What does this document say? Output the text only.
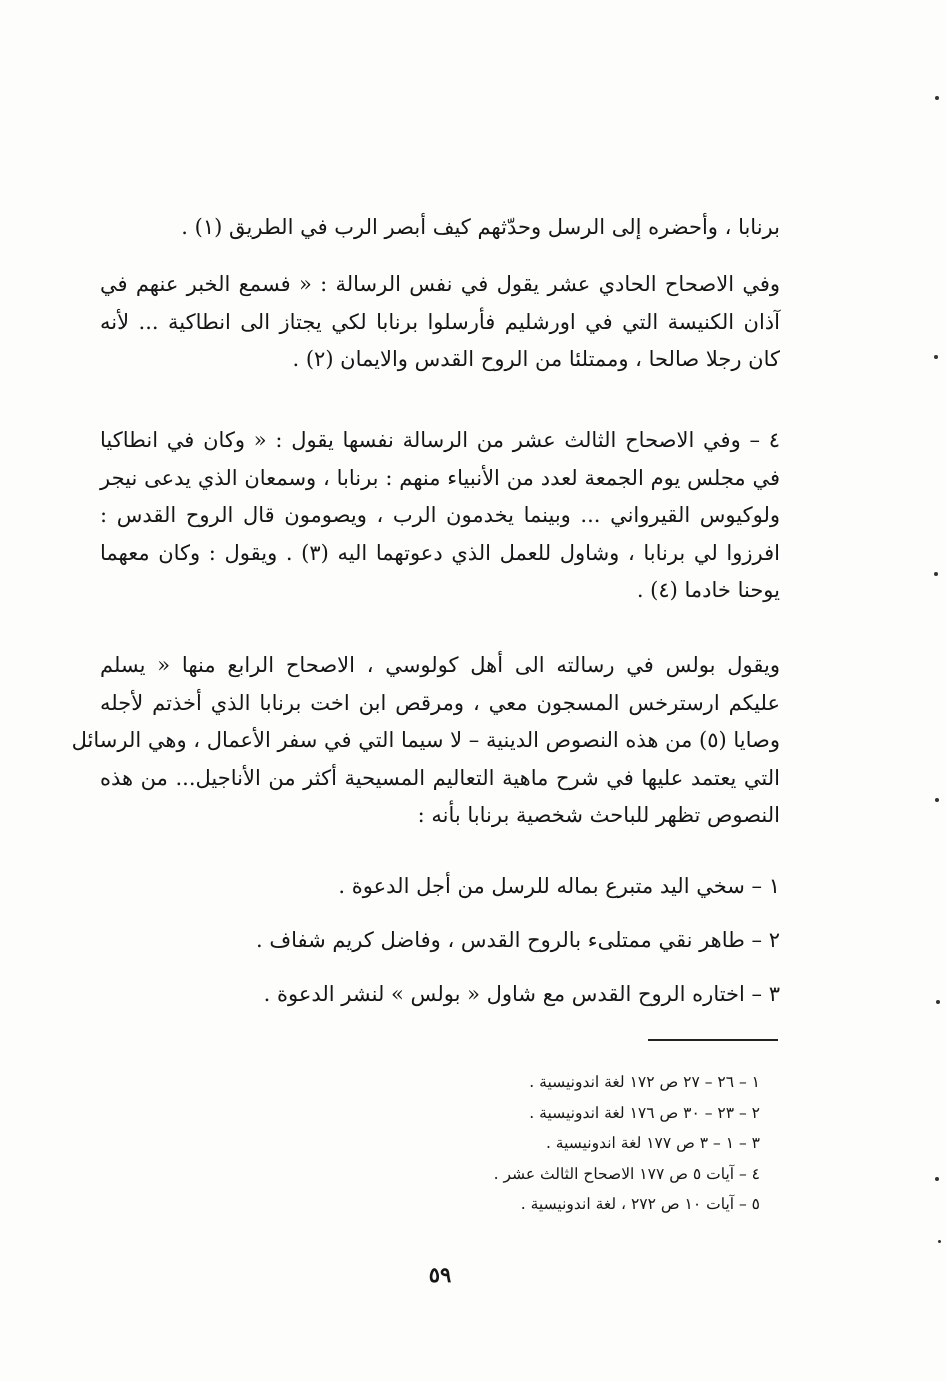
برنابا ، وأحضره إلى الرسل وحدّثهم كيف أبصر الرب في الطريق (١) .
وفي الاصحاح الحادي عشر يقول في نفس الرسالة : « فسمع الخبر عنهم في
آذان الكنيسة التي في اورشليم فأرسلوا برنابا لكي يجتاز الى انطاكية ... لأنه
كان رجلا صالحا ، وممتلئا من الروح القدس والايمان (٢) .
٤ – وفي الاصحاح الثالث عشر من الرسالة نفسها يقول : « وكان في انطاكيا
في مجلس يوم الجمعة لعدد من الأنبياء منهم : برنابا ، وسمعان الذي يدعى نيجر
ولوكيوس القيرواني ... وبينما يخدمون الرب ، ويصومون قال الروح القدس :
افرزوا لي برنابا ، وشاول للعمل الذي دعوتهما اليه (٣) . ويقول : وكان معهما
يوحنا خادما (٤) .
ويقول بولس في رسالته الى أهل كولوسي ، الاصحاح الرابع منها « يسلم
عليكم ارسترخس المسجون معي ، ومرقص ابن اخت برنابا الذي أخذتم لأجله
وصايا (٥) من هذه النصوص الدينية – لا سيما التي في سفر الأعمال ، وهي الرسائل
التي يعتمد عليها في شرح ماهية التعاليم المسيحية أكثر من الأناجيل... من هذه
النصوص تظهر للباحث شخصية برنابا بأنه :
١ – سخي اليد متبرع بماله للرسل من أجل الدعوة .
٢ – طاهر نقي ممتلىء بالروح القدس ، وفاضل كريم شفاف .
٣ – اختاره الروح القدس مع شاول « بولس » لنشر الدعوة .
١ – ٢٦ – ٢٧ ص ١٧٢ لغة اندونيسية .
٢ – ٢٣ – ٣٠ ص ١٧٦ لغة اندونيسية .
٣ – ١ – ٣ ص ١٧٧ لغة اندونيسية .
٤ – آيات ٥ ص ١٧٧ الاصحاح الثالث عشر .
٥ – آيات ١٠ ص ٢٧٢ ، لغة اندونيسية .
٥٩
